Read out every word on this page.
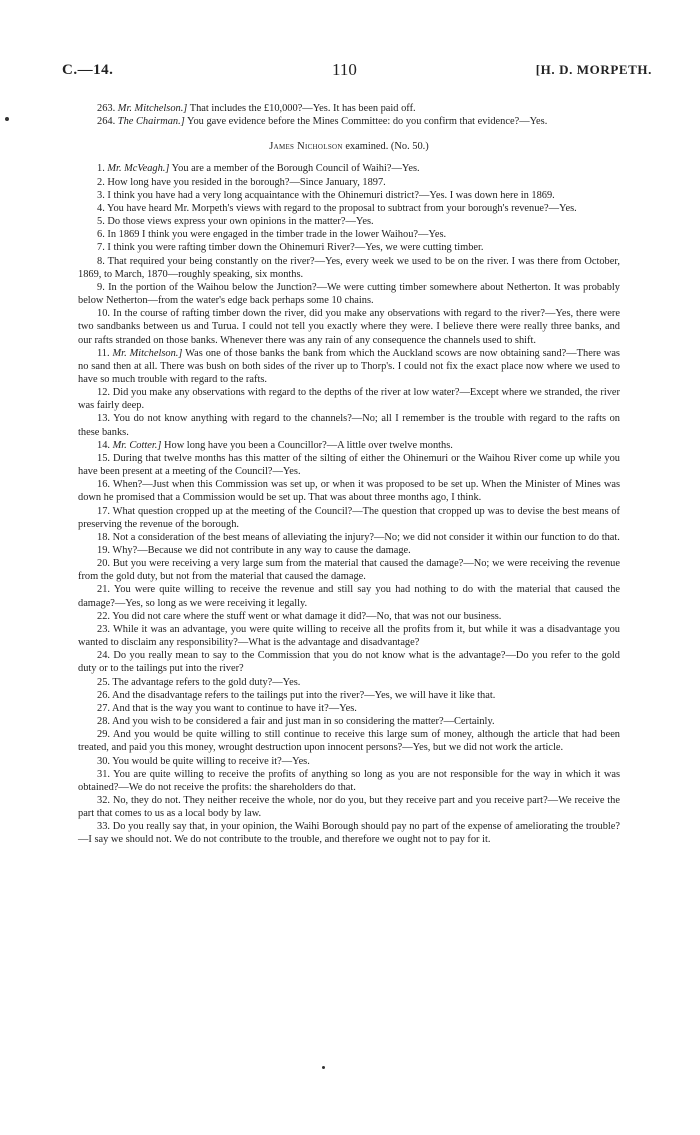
C.—14.	110	[H. D. MORPETH.

263. Mr. Mitchelson.] That includes the £10,000?—Yes. It has been paid off.

264. The Chairman.] You gave evidence before the Mines Committee: do you confirm that evidence?—Yes.

James Nicholson examined. (No. 50.)

1. Mr. McVeagh.] You are a member of the Borough Council of Waihi?—Yes.

2. How long have you resided in the borough?—Since January, 1897.

3. I think you have had a very long acquaintance with the Ohinemuri district?—Yes. I was down here in 1869.

4. You have heard Mr. Morpeth's views with regard to the proposal to subtract from your borough's revenue?—Yes.

5. Do those views express your own opinions in the matter?—Yes.

6. In 1869 I think you were engaged in the timber trade in the lower Waihou?—Yes.

7. I think you were rafting timber down the Ohinemuri River?—Yes, we were cutting timber.

8. That required your being constantly on the river?—Yes, every week we used to be on the river. I was there from October, 1869, to March, 1870—roughly speaking, six months.

9. In the portion of the Waihou below the Junction?—We were cutting timber somewhere about Netherton. It was probably below Netherton—from the water's edge back perhaps some 10 chains.

10. In the course of rafting timber down the river, did you make any observations with regard to the river?—Yes, there were two sandbanks between us and Turua. I could not tell you exactly where they were. I believe there were really three banks, and our rafts stranded on those banks. Whenever there was any rain of any consequence the channels used to shift.

11. Mr. Mitchelson.] Was one of those banks the bank from which the Auckland scows are now obtaining sand?—There was no sand then at all. There was bush on both sides of the river up to Thorp's. I could not fix the exact place now where we used to have so much trouble with regard to the rafts.

12. Did you make any observations with regard to the depths of the river at low water?—Except where we stranded, the river was fairly deep.

13. You do not know anything with regard to the channels?—No; all I remember is the trouble with regard to the rafts on these banks.

14. Mr. Cotter.] How long have you been a Councillor?—A little over twelve months.

15. During that twelve months has this matter of the silting of either the Ohinemuri or the Waihou River come up while you have been present at a meeting of the Council?—Yes.

16. When?—Just when this Commission was set up, or when it was proposed to be set up. When the Minister of Mines was down he promised that a Commission would be set up. That was about three months ago, I think.

17. What question cropped up at the meeting of the Council?—The question that cropped up was to devise the best means of preserving the revenue of the borough.

18. Not a consideration of the best means of alleviating the injury?—No; we did not consider it within our function to do that.

19. Why?—Because we did not contribute in any way to cause the damage.

20. But you were receiving a very large sum from the material that caused the damage?—No; we were receiving the revenue from the gold duty, but not from the material that caused the damage.

21. You were quite willing to receive the revenue and still say you had nothing to do with the material that caused the damage?—Yes, so long as we were receiving it legally.

22. You did not care where the stuff went or what damage it did?—No, that was not our business.

23. While it was an advantage, you were quite willing to receive all the profits from it, but while it was a disadvantage you wanted to disclaim any responsibility?—What is the advantage and disadvantage?

24. Do you really mean to say to the Commission that you do not know what is the advantage?—Do you refer to the gold duty or to the tailings put into the river?

25. The advantage refers to the gold duty?—Yes.

26. And the disadvantage refers to the tailings put into the river?—Yes, we will have it like that.

27. And that is the way you want to continue to have it?—Yes.

28. And you wish to be considered a fair and just man in so considering the matter?—Certainly.

29. And you would be quite willing to still continue to receive this large sum of money, although the article that had been treated, and paid you this money, wrought destruction upon innocent persons?—Yes, but we did not work the article.

30. You would be quite willing to receive it?—Yes.

31. You are quite willing to receive the profits of anything so long as you are not responsible for the way in which it was obtained?—We do not receive the profits: the shareholders do that.

32. No, they do not. They neither receive the whole, nor do you, but they receive part and you receive part?—We receive the part that comes to us as a local body by law.

33. Do you really say that, in your opinion, the Waihi Borough should pay no part of the expense of ameliorating the trouble?—I say we should not. We do not contribute to the trouble, and therefore we ought not to pay for it.
